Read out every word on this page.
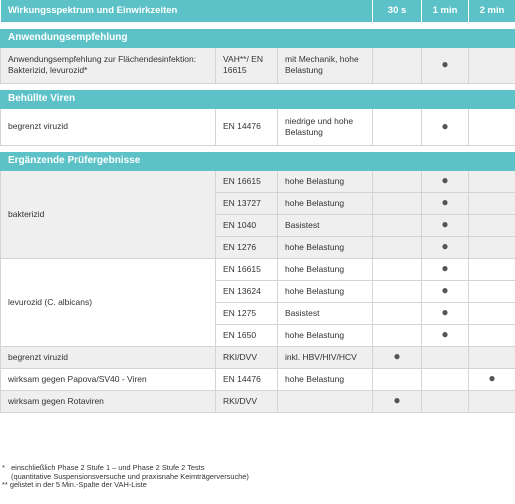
Wirkungsspektrum und Einwirkzeiten			30 s	1 min	2 min

Anwendungsempfehlung					
Anwendungsempfehlung zur Flächendesinfektion: Bakterizid, levurozid*	VAH**/ EN 16615	mit Mechanik, hohe Belastung		●	

Behüllte Viren					
begrenzt viruzid	EN 14476	niedrige und hohe Belastung		●	

Ergänzende Prüfergebnisse					
bakterizid	EN 16615	hohe Belastung		●	
	EN 13727	hohe Belastung		●	
	EN 1040	Basistest		●	
	EN 1276	hohe Belastung		●	
levurozid (C. albicans)	EN 16615	hohe Belastung		●	
	EN 13624	hohe Belastung		●	
	EN 1275	Basistest		●	
	EN 1650	hohe Belastung		●	
begrenzt viruzid	RKI/DVV	inkl. HBV/HIV/HCV	●		
wirksam gegen Papova/SV40 - Viren	EN 14476	hohe Belastung			●
wirksam gegen Rotaviren	RKI/DVV		●		
* einschließlich Phase 2 Stufe 1 – und Phase 2 Stufe 2 Tests
(quantitative Suspensionsversuche und praxisnahe Keimträgerversuche)
** gelistet in der 5 Min.-Spalte der VAH-Liste
